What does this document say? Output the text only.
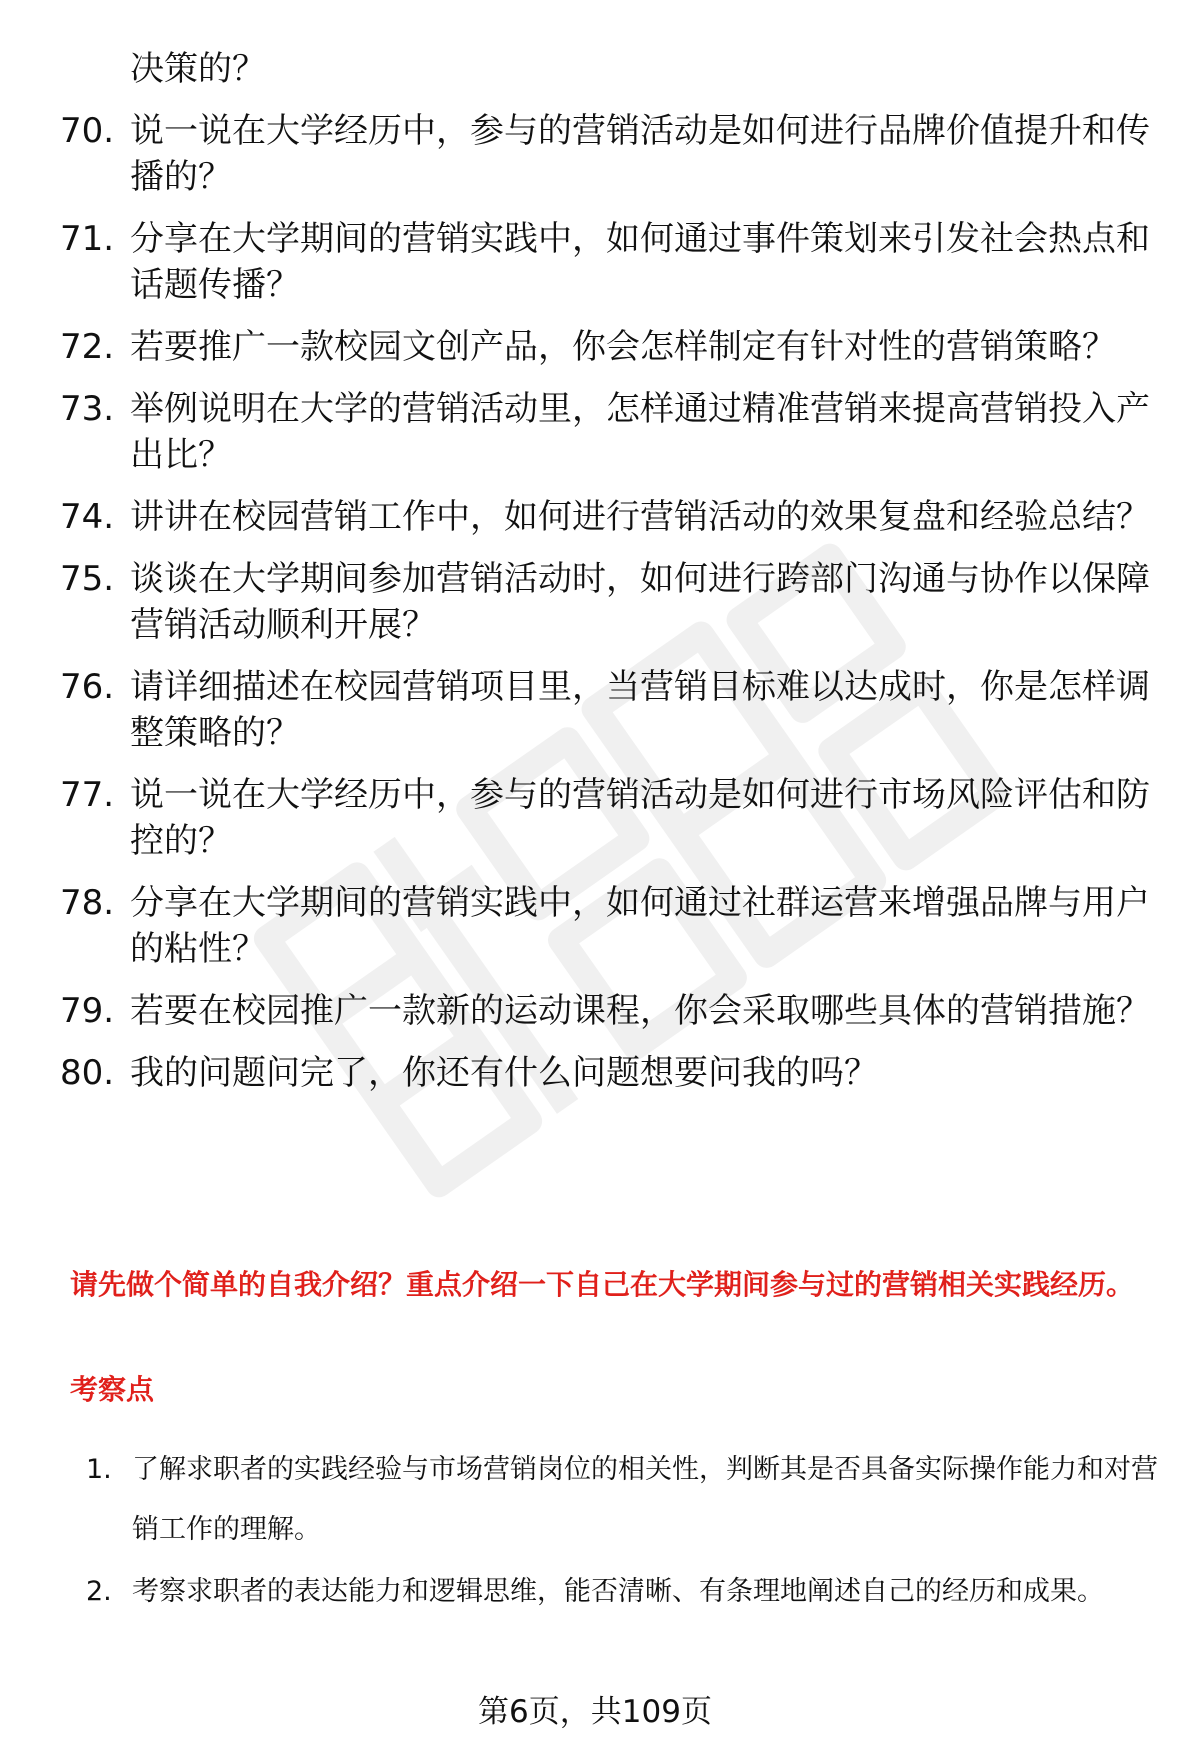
决策的？
70. 说一说在大学经历中，参与的营销活动是如何进行品牌价值提升和传播的？
71. 分享在大学期间的营销实践中，如何通过事件策划来引发社会热点和话题传播？
72. 若要推广一款校园文创产品，你会怎样制定有针对性的营销策略？
73. 举例说明在大学的营销活动里，怎样通过精准营销来提高营销投入产出比？
74. 讲讲在校园营销工作中，如何进行营销活动的效果复盘和经验总结？
75. 谈谈在大学期间参加营销活动时，如何进行跨部门沟通与协作以保障营销活动顺利开展？
76. 请详细描述在校园营销项目里，当营销目标难以达成时，你是怎样调整策略的？
77. 说一说在大学经历中，参与的营销活动是如何进行市场风险评估和防控的？
78. 分享在大学期间的营销实践中，如何通过社群运营来增强品牌与用户的粘性？
79. 若要在校园推广一款新的运动课程，你会采取哪些具体的营销措施？
80. 我的问题问完了，你还有什么问题想要问我的吗？
请先做个简单的自我介绍？重点介绍一下自己在大学期间参与过的营销相关实践经历。
考察点
1. 了解求职者的实践经验与市场营销岗位的相关性，判断其是否具备实际操作能力和对营销工作的理解。
2. 考察求职者的表达能力和逻辑思维，能否清晰、有条理地阐述自己的经历和成果。
第6页，共109页
